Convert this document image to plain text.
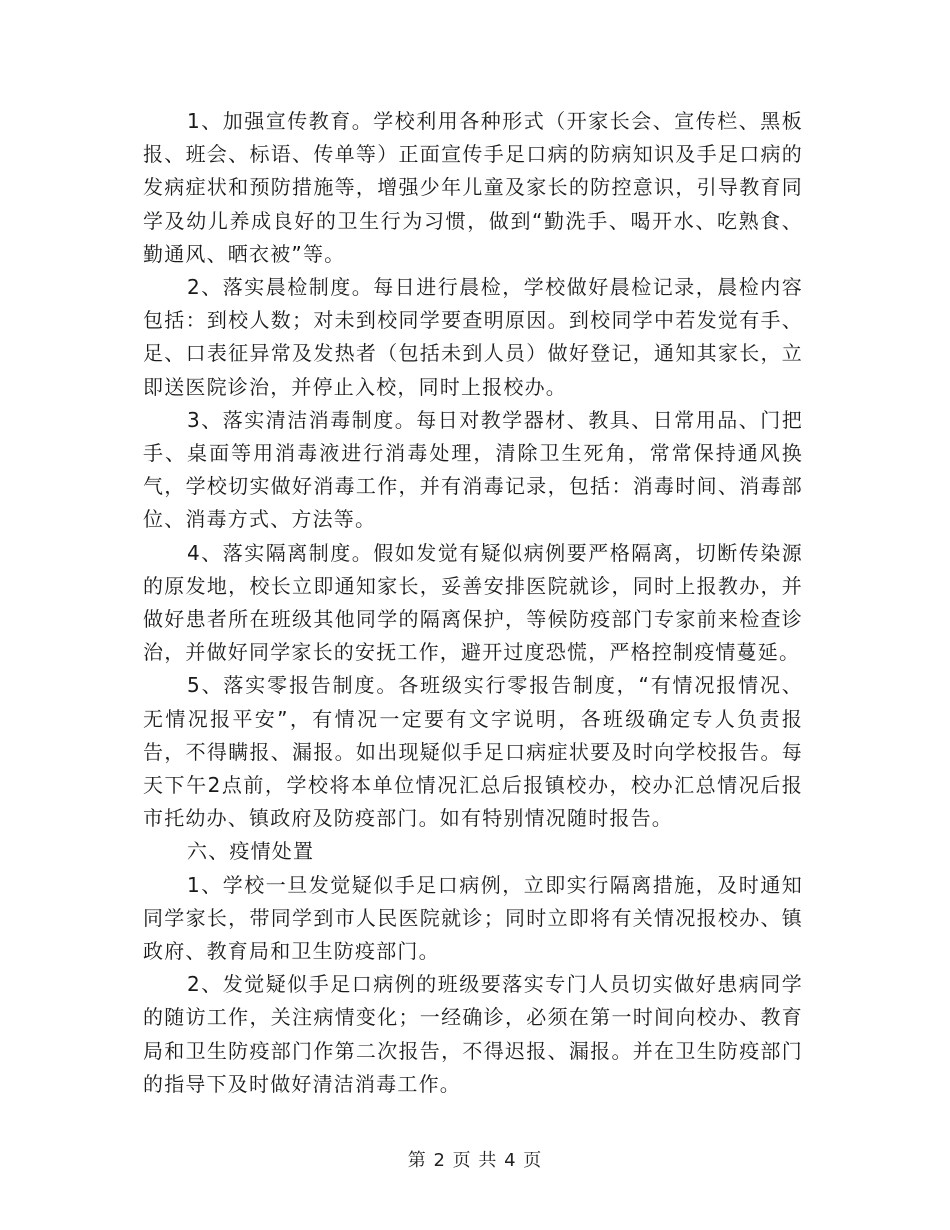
1、加强宣传教育。学校利用各种形式（开家长会、宣传栏、黑板报、班会、标语、传单等）正面宣传手足口病的防病知识及手足口病的发病症状和预防措施等，增强少年儿童及家长的防控意识，引导教育同学及幼儿养成良好的卫生行为习惯，做到“勤洗手、喝开水、吃熟食、勤通风、晒衣被”等。

2、落实晨检制度。每日进行晨检，学校做好晨检记录，晨检内容包括：到校人数；对未到校同学要查明原因。到校同学中若发觉有手、足、口表征异常及发热者（包括未到人员）做好登记，通知其家长，立即送医院诊治，并停止入校，同时上报校办。

3、落实清洁消毒制度。每日对教学器材、教具、日常用品、门把手、桌面等用消毒液进行消毒处理，清除卫生死角，常常保持通风换气，学校切实做好消毒工作，并有消毒记录，包括：消毒时间、消毒部位、消毒方式、方法等。

4、落实隔离制度。假如发觉有疑似病例要严格隔离，切断传染源的原发地，校长立即通知家长，妥善安排医院就诊，同时上报教办，并做好患者所在班级其他同学的隔离保护，等候防疫部门专家前来检查诊治，并做好同学家长的安抚工作，避开过度恐慌，严格控制疫情蔓延。

5、落实零报告制度。各班级实行零报告制度，“有情况报情况、无情况报平安”，有情况一定要有文字说明，各班级确定专人负责报告，不得瞒报、漏报。如出现疑似手足口病症状要及时向学校报告。每天下午2点前，学校将本单位情况汇总后报镇校办，校办汇总情况后报市托幼办、镇政府及防疫部门。如有特别情况随时报告。

六、疫情处置

1、学校一旦发觉疑似手足口病例，立即实行隔离措施，及时通知同学家长，带同学到市人民医院就诊；同时立即将有关情况报校办、镇政府、教育局和卫生防疫部门。

2、发觉疑似手足口病例的班级要落实专门人员切实做好患病同学的随访工作，关注病情变化；一经确诊，必须在第一时间向校办、教育局和卫生防疫部门作第二次报告，不得迟报、漏报。并在卫生防疫部门的指导下及时做好清洁消毒工作。

第 2 页 共 4 页
